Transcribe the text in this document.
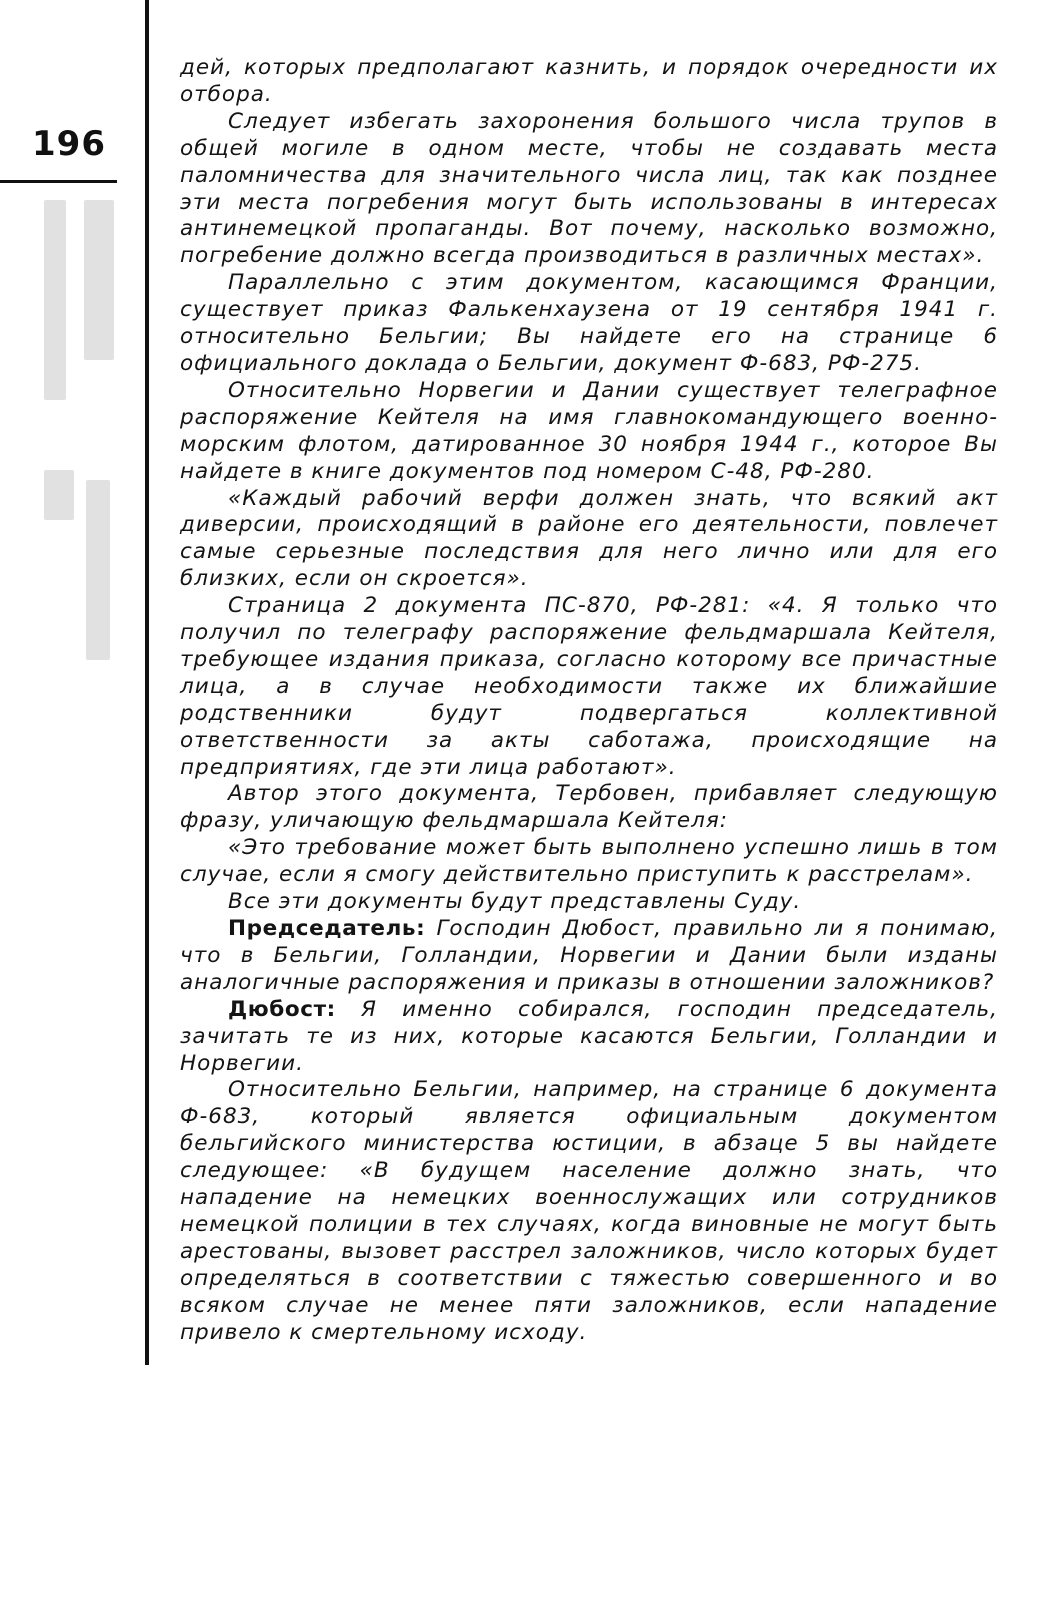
196

дей, которых предполагают казнить, и порядок очередности их отбора.

Следует избегать захоронения большого числа трупов в общей могиле в одном месте, чтобы не создавать места паломничества для значительного числа лиц, так как позднее эти места погребения могут быть использованы в интересах антинемецкой пропаганды. Вот почему, насколько возможно, погребение должно всегда производиться в различных местах».

Параллельно с этим документом, касающимся Франции, существует приказ Фалькенхаузена от 19 сентября 1941 г. относительно Бельгии; Вы найдете его на странице 6 официального доклада о Бельгии, документ Ф-683, РФ-275.

Относительно Норвегии и Дании существует телеграфное распоряжение Кейтеля на имя главнокомандующего военно-морским флотом, датированное 30 ноября 1944 г., которое Вы найдете в книге документов под номером С-48, РФ-280.

«Каждый рабочий верфи должен знать, что всякий акт диверсии, происходящий в районе его деятельности, повлечет самые серьезные последствия для него лично или для его близких, если он скроется».

Страница 2 документа ПС-870, РФ-281: «4. Я только что получил по телеграфу распоряжение фельдмаршала Кейтеля, требующее издания приказа, согласно которому все причастные лица, а в случае необходимости также их ближайшие родственники будут подвергаться коллективной ответственности за акты саботажа, происходящие на предприятиях, где эти лица работают».

Автор этого документа, Тербовен, прибавляет следующую фразу, уличающую фельдмаршала Кейтеля:

«Это требование может быть выполнено успешно лишь в том случае, если я смогу действительно приступить к расстрелам».

Все эти документы будут представлены Суду.

Председатель: Господин Дюбост, правильно ли я понимаю, что в Бельгии, Голландии, Норвегии и Дании были изданы аналогичные распоряжения и приказы в отношении заложников?

Дюбост: Я именно собирался, господин председатель, зачитать те из них, которые касаются Бельгии, Голландии и Норвегии.

Относительно Бельгии, например, на странице 6 документа Ф-683, который является официальным документом бельгийского министерства юстиции, в абзаце 5 вы найдете следующее: «В будущем население должно знать, что нападение на немецких военнослужащих или сотрудников немецкой полиции в тех случаях, когда виновные не могут быть арестованы, вызовет расстрел заложников, число которых будет определяться в соответствии с тяжестью совершенного и во всяком случае не менее пяти заложников, если нападение привело к смертельному исходу.
